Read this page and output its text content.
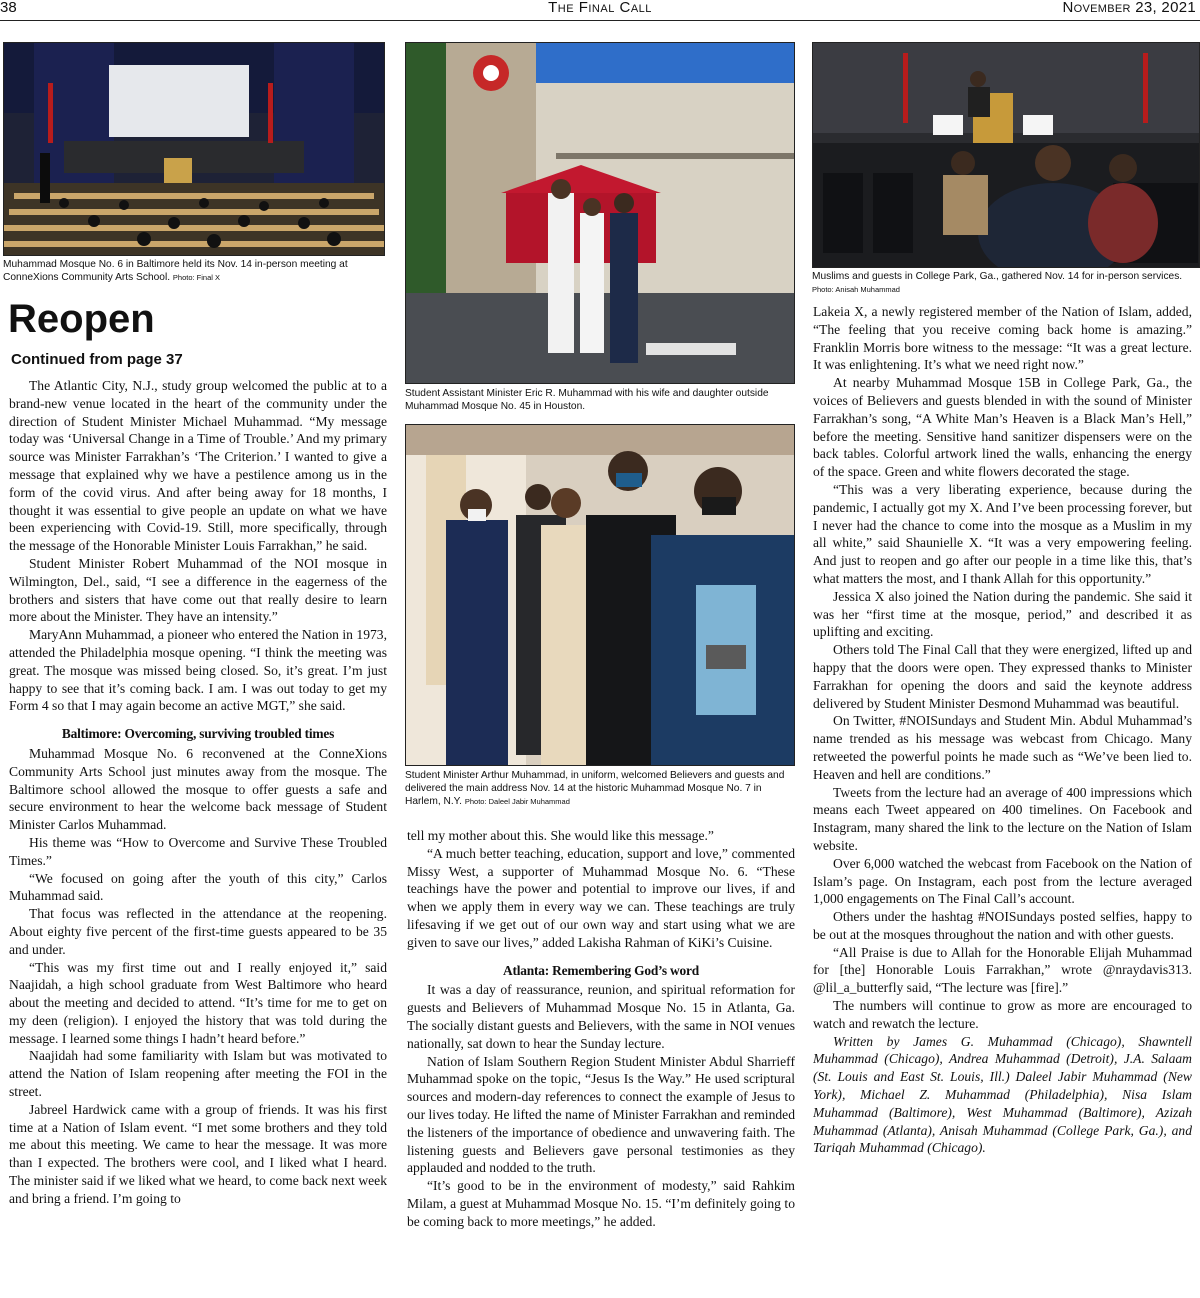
38	The Final Call	November 23, 2021
Muhammad Mosque No. 6 in Baltimore held its Nov. 14 in-person meeting at ConneXions Community Arts School. Photo: Final X
Student Assistant Minister Eric R. Muhammad with his wife and daughter outside Muhammad Mosque No. 45 in Houston.
Muslims and guests in College Park, Ga., gathered Nov. 14 for in-person services.
Photo: Anisah Muhammad
Student Minister Arthur Muhammad, in uniform, welcomed Believers and guests and delivered the main address Nov. 14 at the historic Muhammad Mosque No. 7 in Harlem, N.Y. Photo: Daleel Jabir Muhammad
Reopen
Continued from page 37

The Atlantic City, N.J., study group welcomed the public at to a brand-new venue located in the heart of the community under the direction of Student Minister Michael Muhammad. “My message today was ‘Universal Change in a Time of Trouble.’ And my primary source was Minister Farrakhan’s ‘The Criterion.’ I wanted to give a message that explained why we have a pestilence among us in the form of the covid virus. And after being away for 18 months, I thought it was essential to give people an update on what we have been experiencing with Covid-19. Still, more specifically, through the message of the Honorable Minister Louis Farrakhan,” he said.

Student Minister Robert Muhammad of the NOI mosque in Wilmington, Del., said, “I see a difference in the eagerness of the brothers and sisters that have come out that really desire to learn more about the Minister. They have an intensity.”

MaryAnn Muhammad, a pioneer who entered the Nation in 1973, attended the Philadelphia mosque opening. “I think the meeting was great. The mosque was missed being closed. So, it’s great. I’m just happy to see that it’s coming back. I am. I was out today to get my Form 4 so that I may again become an active MGT,” she said.

Baltimore: Overcoming, surviving troubled times

Muhammad Mosque No. 6 reconvened at the ConneXions Community Arts School just minutes away from the mosque. The Baltimore school allowed the mosque to offer guests a safe and secure environment to hear the welcome back message of Student Minister Carlos Muhammad.

His theme was “How to Overcome and Survive These Troubled Times.”

“We focused on going after the youth of this city,” Carlos Muhammad said.

That focus was reflected in the attendance at the reopening. About eighty five percent of the first-time guests appeared to be 35 and under.

“This was my first time out and I really enjoyed it,” said Naajidah, a high school graduate from West Baltimore who heard about the meeting and decided to attend. “It’s time for me to get on my deen (religion). I enjoyed the history that was told during the message. I learned some things I hadn’t heard before.”

Naajidah had some familiarity with Islam but was motivated to attend the Nation of Islam reopening after meeting the FOI in the street.

Jabreel Hardwick came with a group of friends. It was his first time at a Nation of Islam event. “I met some brothers and they told me about this meeting. We came to hear the message. It was more than I expected. The brothers were cool, and I liked what I heard. The minister said if we liked what we heard, to come back next week and bring a friend. I’m going to

tell my mother about this. She would like this message.”

“A much better teaching, education, support and love,” commented Missy West, a supporter of Muhammad Mosque No. 6. “These teachings have the power and potential to improve our lives, if and when we apply them in every way we can. These teachings are truly lifesaving if we get out of our own way and start using what we are given to save our lives,” added Lakisha Rahman of KiKi’s Cuisine.

Atlanta: Remembering God’s word

It was a day of reassurance, reunion, and spiritual reformation for guests and Believers of Muhammad Mosque No. 15 in Atlanta, Ga. The socially distant guests and Believers, with the same in NOI venues nationally, sat down to hear the Sunday lecture.

Nation of Islam Southern Region Student Minister Abdul Sharrieff Muhammad spoke on the topic, “Jesus Is the Way.” He used scriptural sources and modern-day references to connect the example of Jesus to our lives today. He lifted the name of Minister Farrakhan and reminded the listeners of the importance of obedience and unwavering faith. The listening guests and Believers gave personal testimonies as they applauded and nodded to the truth.

“It’s good to be in the environment of modesty,” said Rahkim Milam, a guest at Muhammad Mosque No. 15. “I’m definitely going to be coming back to more meetings,” he added.

Lakeia X, a newly registered member of the Nation of Islam, added, “The feeling that you receive coming back home is amazing.” Franklin Morris bore witness to the message: “It was a great lecture. It was enlightening. It’s what we need right now.”

At nearby Muhammad Mosque 15B in College Park, Ga., the voices of Believers and guests blended in with the sound of Minister Farrakhan’s song, “A White Man’s Heaven is a Black Man’s Hell,” before the meeting. Sensitive hand sanitizer dispensers were on the back tables. Colorful artwork lined the walls, enhancing the energy of the space. Green and white flowers decorated the stage.

“This was a very liberating experience, because during the pandemic, I actually got my X. And I’ve been processing forever, but I never had the chance to come into the mosque as a Muslim in my all white,” said Shaunielle X. “It was a very empowering feeling. And just to reopen and go after our people in a time like this, that’s what matters the most, and I thank Allah for this opportunity.”

Jessica X also joined the Nation during the pandemic. She said it was her “first time at the mosque, period,” and described it as uplifting and exciting.

Others told The Final Call that they were energized, lifted up and happy that the doors were open. They expressed thanks to Minister Farrakhan for opening the doors and said the keynote address delivered by Student Minister Desmond Muhammad was beautiful.

On Twitter, #NOISundays and Student Min. Abdul Muhammad’s name trended as his message was webcast from Chicago. Many retweeted the powerful points he made such as “We’ve been lied to. Heaven and hell are conditions.”

Tweets from the lecture had an average of 400 impressions which means each Tweet appeared on 400 timelines. On Facebook and Instagram, many shared the link to the lecture on the Nation of Islam website.

Over 6,000 watched the webcast from Facebook on the Nation of Islam’s page. On Instagram, each post from the lecture averaged 1,000 engagements on The Final Call’s account.

Others under the hashtag #NOISundays posted selfies, happy to be out at the mosques throughout the nation and with other guests.

“All Praise is due to Allah for the Honorable Elijah Muhammad for [the] Honorable Louis Farrakhan,” wrote @nraydavis313. @lil_a_butterfly said, “The lecture was [fire].”

The numbers will continue to grow as more are encouraged to watch and rewatch the lecture.

Written by James G. Muhammad (Chicago), Shawntell Muhammad (Chicago), Andrea Muhammad (Detroit), J.A. Salaam (St. Louis and East St. Louis, Ill.) Daleel Jabir Muhammad (New York), Michael Z. Muhammad (Philadelphia), Nisa Islam Muhammad (Baltimore), West Muhammad (Baltimore), Azizah Muhammad (Atlanta), Anisah Muhammad (College Park, Ga.), and Tariqah Muhammad (Chicago).
